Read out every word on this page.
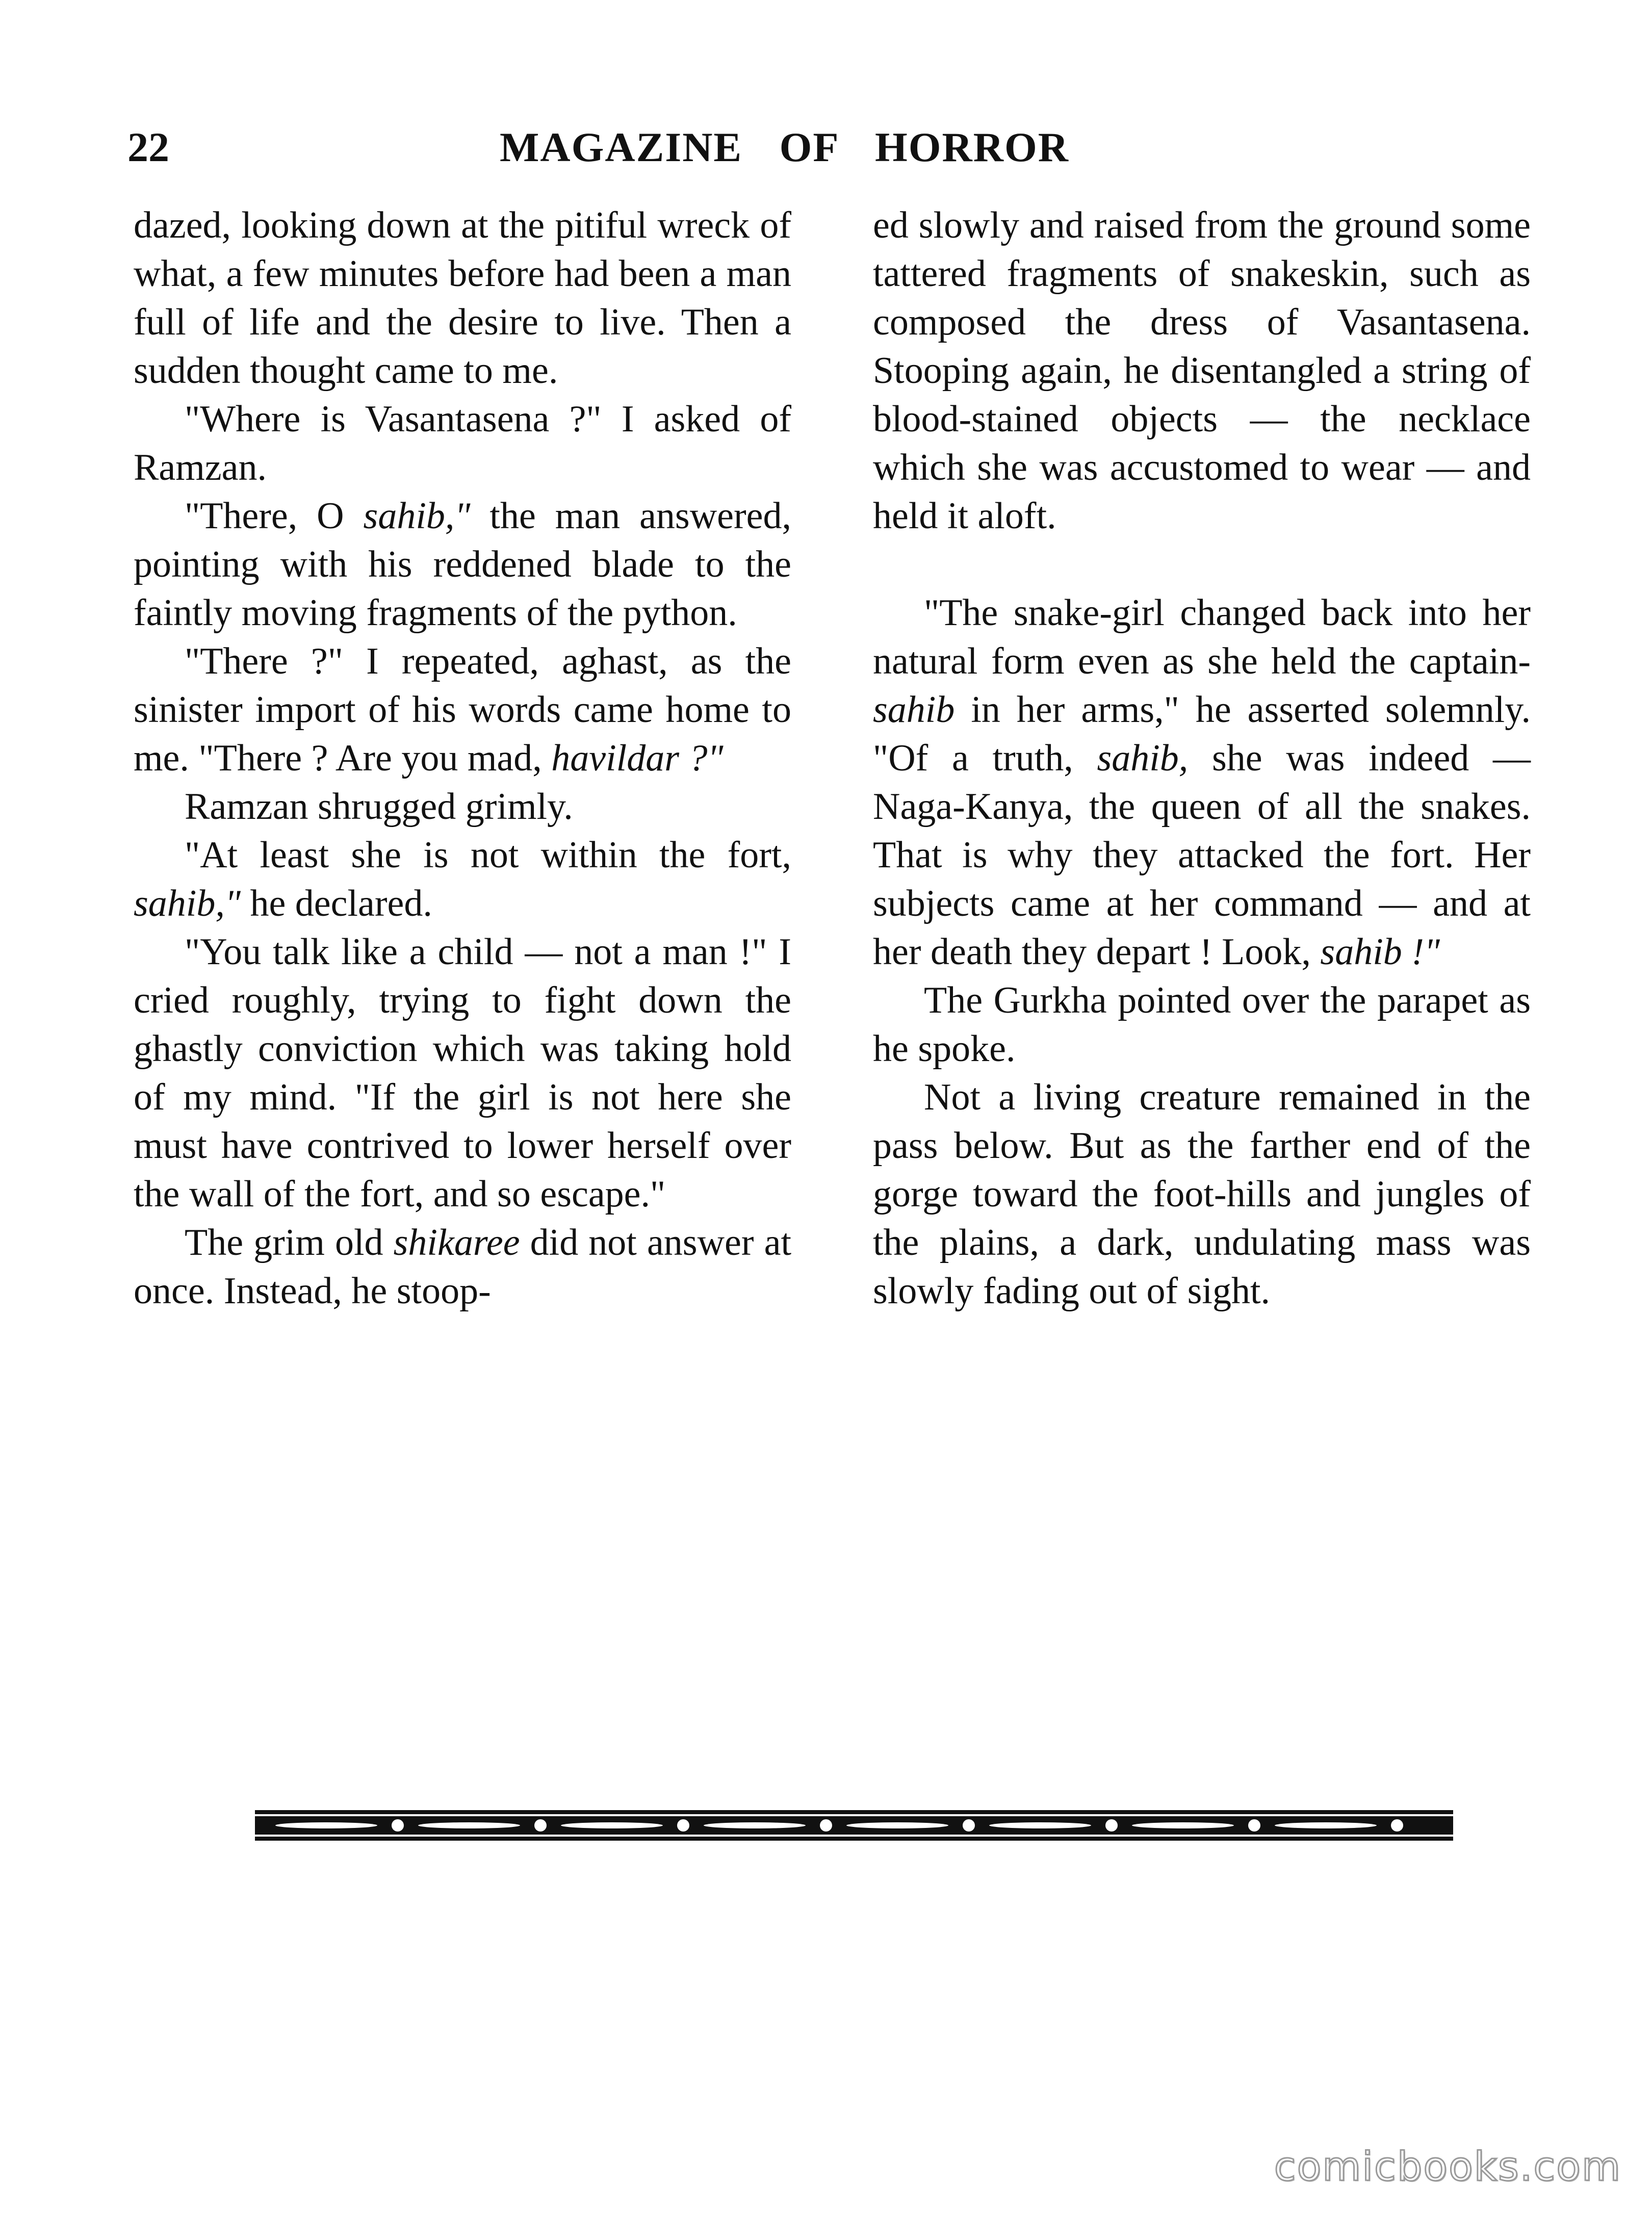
22	MAGAZINE OF HORROR

dazed, looking down at the pitiful wreck of what, a few minutes before had been a man full of life and the desire to live. Then a sudden thought came to me.

"Where is Vasantasena ?" I asked of Ramzan.

"There, O sahib," the man answered, pointing with his reddened blade to the faintly moving fragments of the python.

"There ?" I repeated, aghast, as the sinister import of his words came home to me. "There ? Are you mad, havildar ?"

Ramzan shrugged grimly.

"At least she is not within the fort, sahib," he declared.

"You talk like a child — not a man !" I cried roughly, trying to fight down the ghastly conviction which was taking hold of my mind. "If the girl is not here she must have contrived to lower herself over the wall of the fort, and so escape."

The grim old shikaree did not answer at once. Instead, he stoop-

ed slowly and raised from the ground some tattered fragments of snakeskin, such as composed the dress of Vasantasena. Stooping again, he disentangled a string of blood-stained objects — the necklace which she was accustomed to wear — and held it aloft.

"The snake-girl changed back into her natural form even as she held the captain-sahib in her arms," he asserted solemnly. "Of a truth, sahib, she was indeed — Naga-Kanya, the queen of all the snakes. That is why they attacked the fort. Her subjects came at her command — and at her death they depart ! Look, sahib !"

The Gurkha pointed over the parapet as he spoke.

Not a living creature remained in the pass below. But as the farther end of the gorge toward the foot-hills and jungles of the plains, a dark, undulating mass was slowly fading out of sight.

comicbooks.com
